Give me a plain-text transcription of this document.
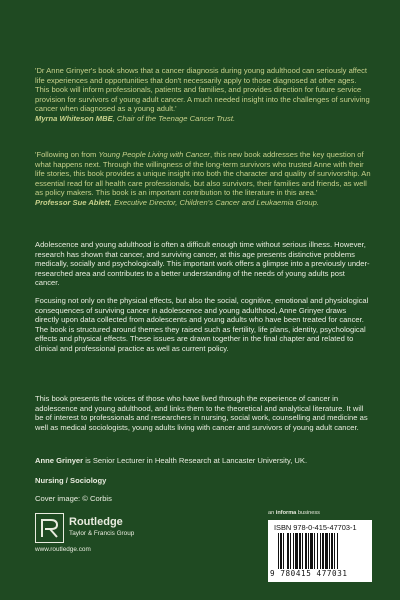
'Dr Anne Grinyer's book shows that a cancer diagnosis during young adulthood can seriously affect life experiences and opportunities that don't necessarily apply to those diagnosed at other ages. This book will inform professionals, patients and families, and provides direction for future service provision for survivors of young adult cancer. A much needed insight into the challenges of surviving cancer when diagnosed as a young adult.'
Myrna Whiteson MBE, Chair of the Teenage Cancer Trust.
'Following on from Young People Living with Cancer, this new book addresses the key question of what happens next. Through the willingness of the long-term survivors who trusted Anne with their life stories, this book provides a unique insight into both the character and quality of survivorship. An essential read for all health care professionals, but also survivors, their families and friends, as well as policy makers. This book is an important contribution to the literature in this area.'
Professor Sue Ablett, Executive Director, Children's Cancer and Leukaemia Group.
Adolescence and young adulthood is often a difficult enough time without serious illness. However, research has shown that cancer, and surviving cancer, at this age presents distinctive problems medically, socially and psychologically. This important work offers a glimpse into a previously under-researched area and contributes to a better understanding of the needs of young adults post cancer.
Focusing not only on the physical effects, but also the social, cognitive, emotional and physiological consequences of surviving cancer in adolescence and young adulthood, Anne Grinyer draws directly upon data collected from adolescents and young adults who have been treated for cancer. The book is structured around themes they raised such as fertility, life plans, identity, psychological effects and physical effects. These issues are drawn together in the final chapter and related to clinical and professional practice as well as current policy.
This book presents the voices of those who have lived through the experience of cancer in adolescence and young adulthood, and links them to the theoretical and analytical literature. It will be of interest to professionals and researchers in nursing, social work, counselling and medicine as well as medical sociologists, young adults living with cancer and survivors of young adult cancer.
Anne Grinyer is Senior Lecturer in Health Research at Lancaster University, UK.
Nursing / Sociology
Cover image: © Corbis
an informa business
Routledge
Taylor & Francis Group
www.routledge.com
ISBN 978-0-415-47703-1
9 780415 477031
